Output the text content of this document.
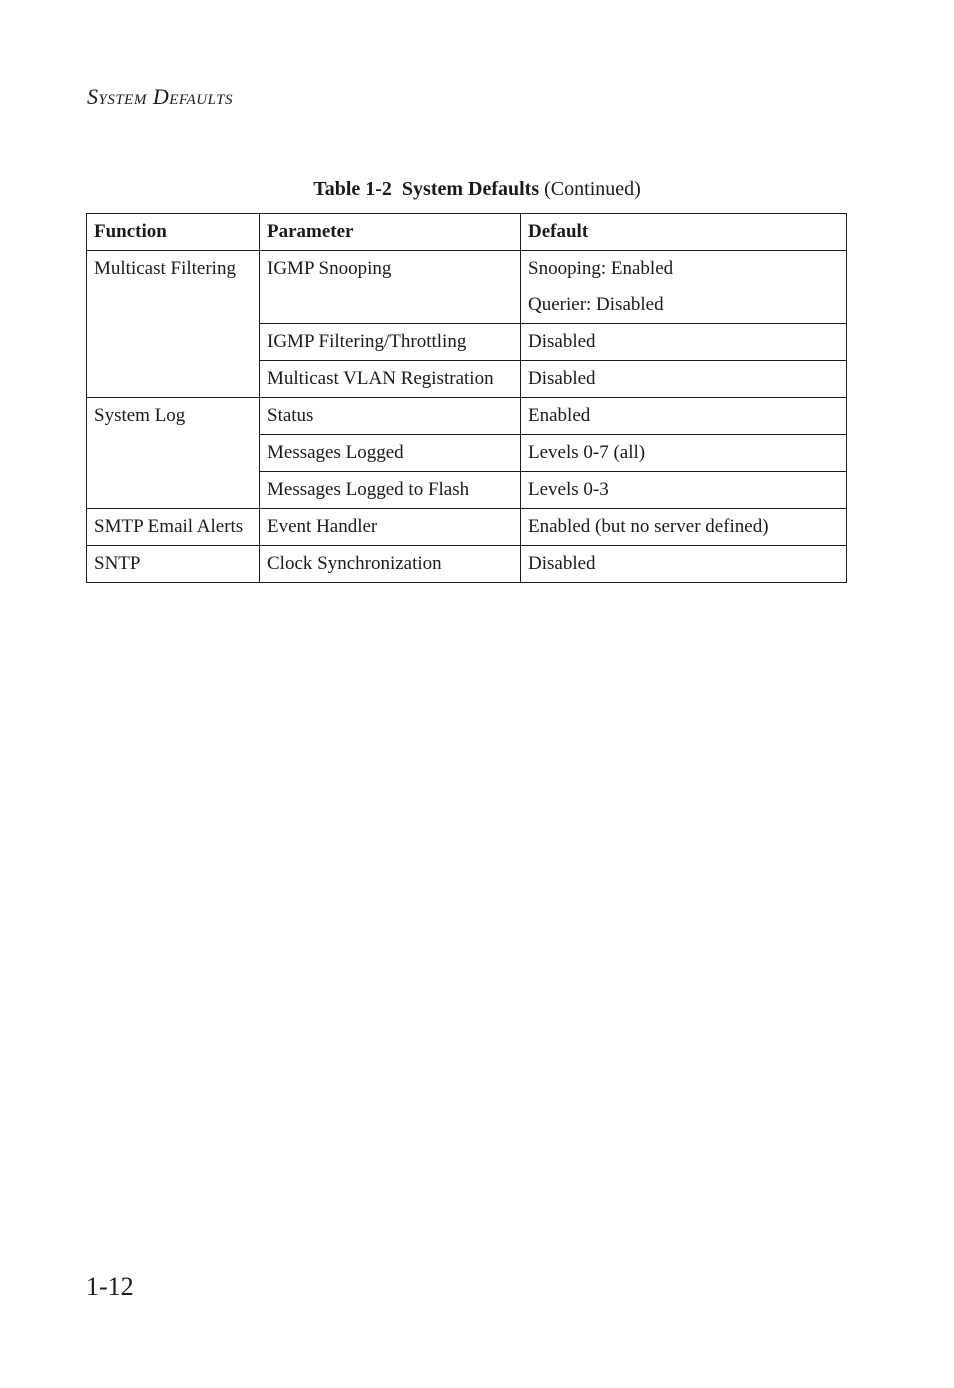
System Defaults
Table 1-2 System Defaults (Continued)
Function	Parameter	Default
Multicast Filtering	IGMP Snooping	Snooping: Enabled
Querier: Disabled

	IGMP Filtering/Throttling	Disabled
	Multicast VLAN Registration	Disabled
System Log	Status	Enabled
	Messages Logged	Levels 0-7 (all)
	Messages Logged to Flash	Levels 0-3
SMTP Email Alerts	Event Handler	Enabled (but no server defined)
SNTP	Clock Synchronization	Disabled
1-12
